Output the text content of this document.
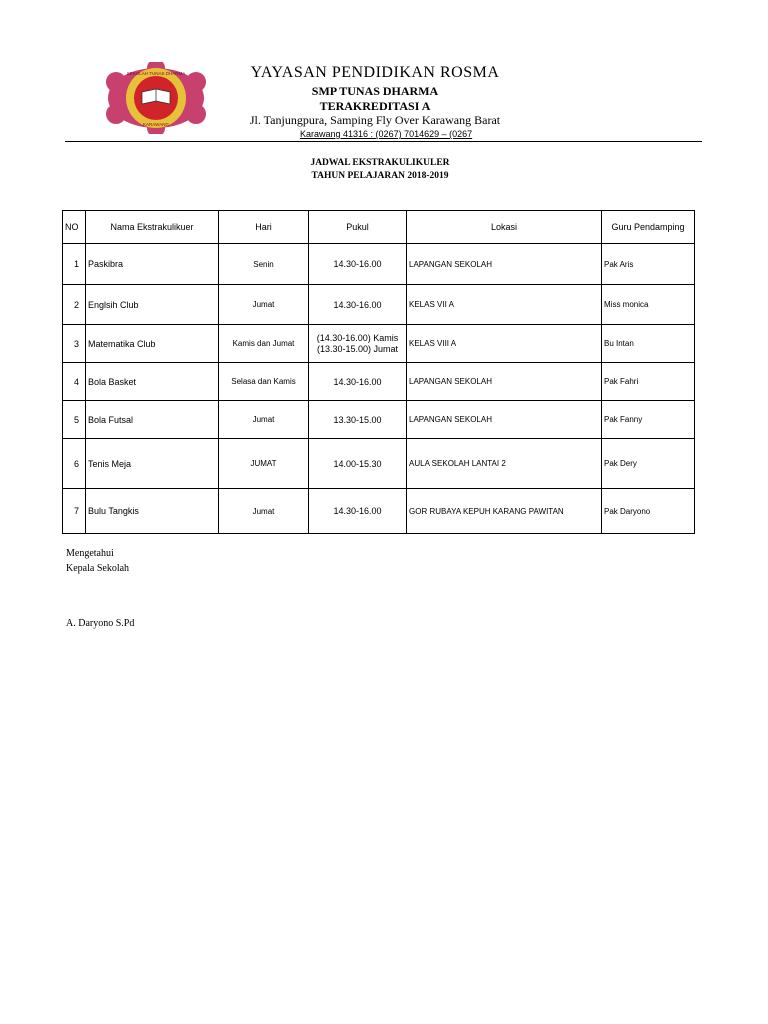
SEKOLAH TUNAS DHARMA
KARAWANG
YAYASAN PENDIDIKAN ROSMA
SMP TUNAS DHARMA
TERAKREDITASI A
Jl. Tanjungpura, Samping Fly Over Karawang Barat
Karawang 41316 : (0267) 7014629 – (0267
JADWAL EKSTRAKULIKULER
TAHUN PELAJARAN 2018-2019
NO	Nama Ekstrakulikuer	Hari	Pukul	Lokasi	Guru Pendamping
1	Paskibra	Senin	14.30-16.00	LAPANGAN SEKOLAH	Pak Aris
2	Englsih Club	Jumat	14.30-16.00	KELAS VII A	Miss monica
3	Matematika Club	Kamis dan Jumat	(14.30-16.00) Kamis
(13.30-15.00) Jumat	KELAS VIII A	Bu Intan
4	Bola Basket	Selasa dan Kamis	14.30-16.00	LAPANGAN SEKOLAH	Pak Fahri
5	Bola Futsal	Jumat	13.30-15.00	LAPANGAN SEKOLAH	Pak Fanny
6	Tenis Meja	JUMAT	14.00-15.30	AULA SEKOLAH LANTAI 2	Pak Dery
7	Bulu Tangkis	Jumat	14.30-16.00	GOR RUBAYA KEPUH KARANG PAWITAN	Pak Daryono
Mengetahui
Kepala Sekolah
A. Daryono S.Pd
